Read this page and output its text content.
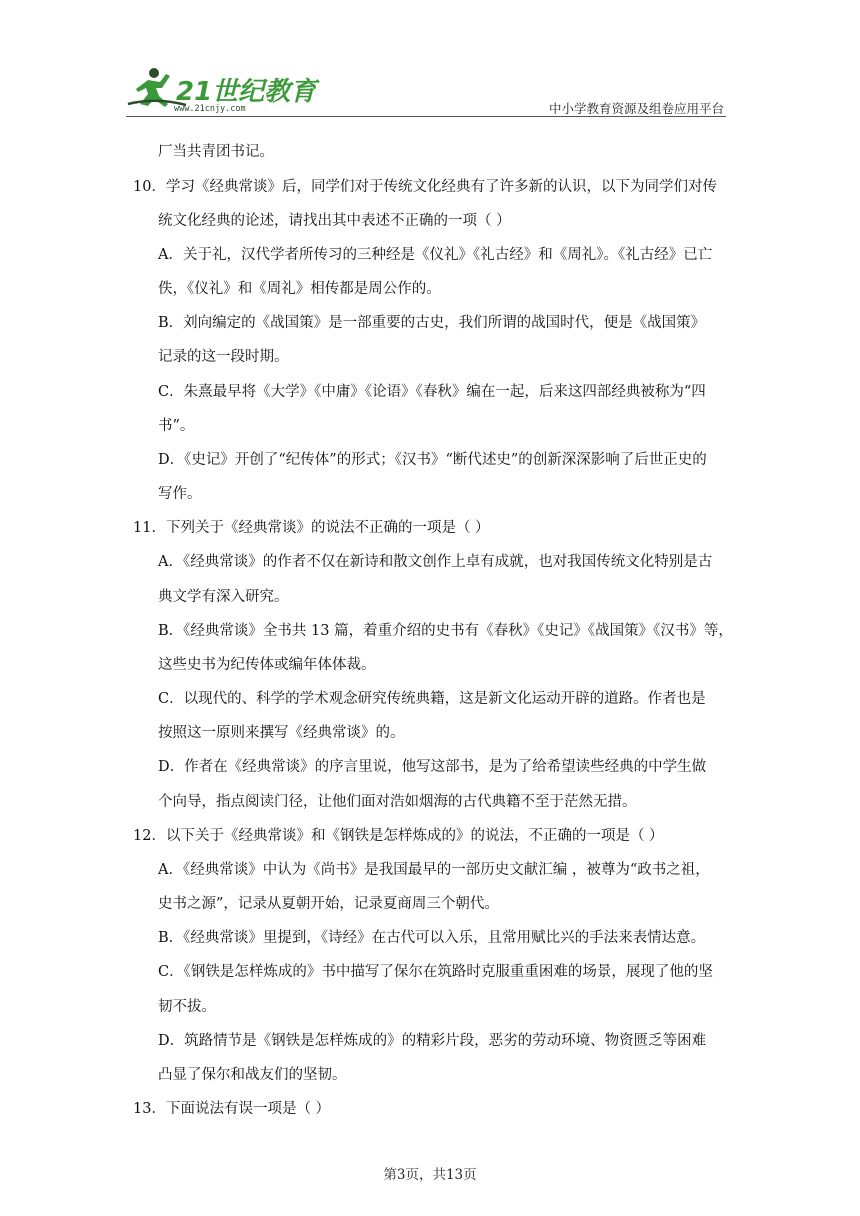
21世纪教育
www.21cnjy.com	中小学教育资源及组卷应用平台
厂当共青团书记。
10．学习《经典常谈》后，同学们对于传统文化经典有了许多新的认识，以下为同学们对传
统文化经典的论述，请找出其中表述不正确的一项（ ）
A．关于礼，汉代学者所传习的三种经是《仪礼》《礼古经》和《周礼》。《礼古经》已亡
佚，《仪礼》和《周礼》相传都是周公作的。
B．刘向编定的《战国策》是一部重要的古史，我们所谓的战国时代，便是《战国策》
记录的这一段时期。
C．朱熹最早将《大学》《中庸》《论语》《春秋》编在一起，后来这四部经典被称为“四
书”。
D．《史记》开创了“纪传体”的形式；《汉书》“断代述史”的创新深深影响了后世正史的
写作。
11．下列关于《经典常谈》的说法不正确的一项是（ ）
A．《经典常谈》的作者不仅在新诗和散文创作上卓有成就，也对我国传统文化特别是古
典文学有深入研究。
B．《经典常谈》全书共 13 篇，着重介绍的史书有《春秋》《史记》《战国策》《汉书》等，
这些史书为纪传体或编年体体裁。
C．以现代的、科学的学术观念研究传统典籍，这是新文化运动开辟的道路。作者也是
按照这一原则来撰写《经典常谈》的。
D．作者在《经典常谈》的序言里说，他写这部书，是为了给希望读些经典的中学生做
个向导，指点阅读门径，让他们面对浩如烟海的古代典籍不至于茫然无措。
12．以下关于《经典常谈》和《钢铁是怎样炼成的》的说法，不正确的一项是（ ）
A．《经典常谈》中认为《尚书》是我国最早的一部历史文献汇编 ，被尊为“政书之祖，
史书之源”，记录从夏朝开始，记录夏商周三个朝代。
B．《经典常谈》里提到，《诗经》在古代可以入乐，且常用赋比兴的手法来表情达意。
C．《钢铁是怎样炼成的》书中描写了保尔在筑路时克服重重困难的场景，展现了他的坚
韧不拔。
D．筑路情节是《钢铁是怎样炼成的》的精彩片段，恶劣的劳动环境、物资匮乏等困难
凸显了保尔和战友们的坚韧。
13．下面说法有误一项是（ ）
第3页，共13页
